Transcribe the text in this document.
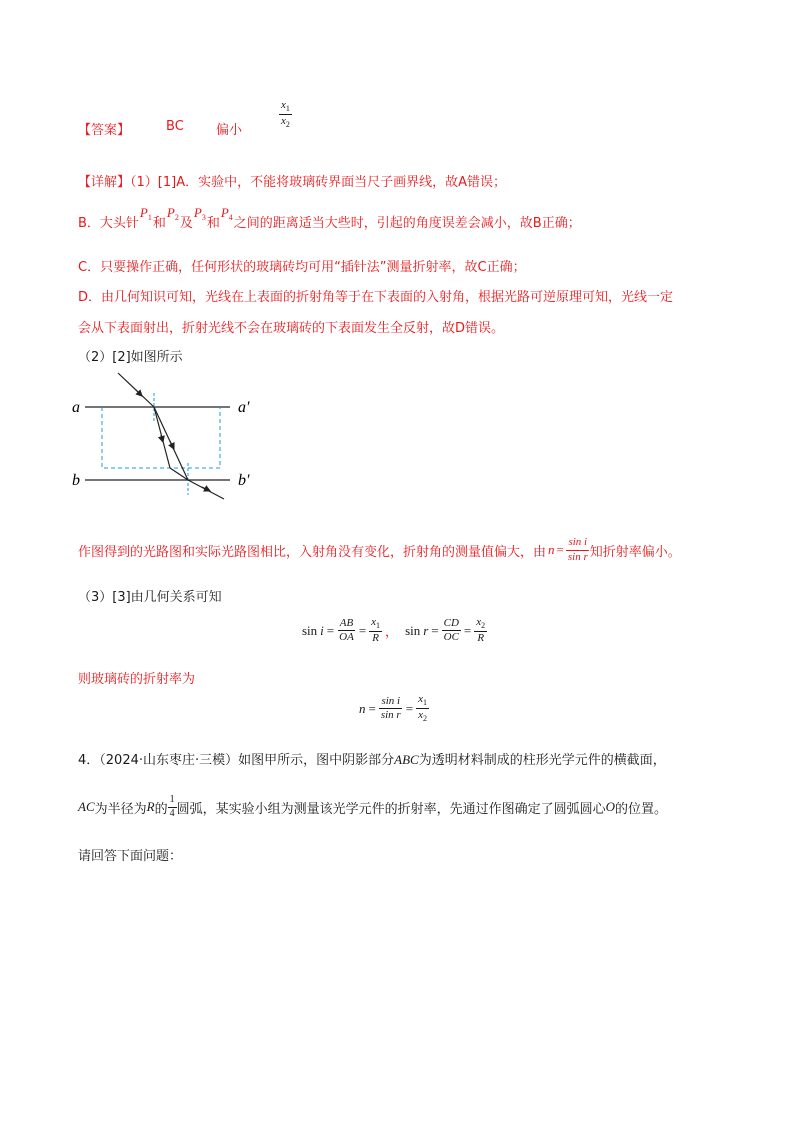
【答案】	BC 偏小
$\frac{x_1}{x_2}$
【详解】（1）[1]A．实验中，不能将玻璃砖界面当尺子画界线，故A错误；
B．大头针$P_1$和$P_2$及$P_3$和$P_4$之间的距离适当大些时，引起的角度误差会减小，故B正确；
C．只要操作正确，任何形状的玻璃砖均可用“插针法”测量折射率，故C正确；
D．由几何知识可知，光线在上表面的折射角等于在下表面的入射角，根据光路可逆原理可知，光线一定
会从下表面射出，折射光线不会在玻璃砖的下表面发生全反射，故D错误。
（2）[2]如图所示
a	a′
b	b′
作图得到的光路图和实际光路图相比，入射角没有变化，折射角的测量值偏大，由 $n = \frac{\text{sin i}}{\text{sin r}}$ 知折射率偏小。
（3）[3]由几何关系可知
$\sin i = \frac{AB}{OA} = \frac{x_1}{R}$ ， $\sin r = \frac{CD}{OC} = \frac{x_2}{R}$
则玻璃砖的折射率为
$n = \frac{\text{sin i}}{\text{sin r}} = \frac{x_1}{x_2}$
4．（2024·山东枣庄·三模）如图甲所示，图中阴影部分ABC为透明材料制成的柱形光学元件的横截面，
AC 为半径为 R 的 $\frac{1}{4}$ 圆弧，某实验小组为测量该光学元件的折射率，先通过作图确定了圆弧圆心 O 的位置。
请回答下面问题：
